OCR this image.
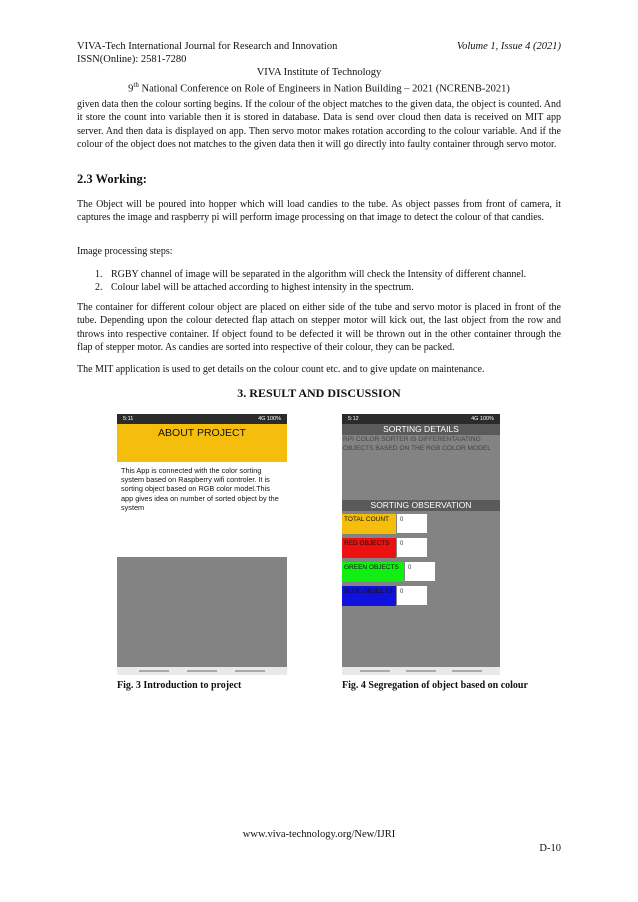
VIVA-Tech International Journal for Research and Innovation	Volume 1, Issue 4 (2021)
ISSN(Online): 2581-7280
VIVA Institute of Technology
9th National Conference on Role of Engineers in Nation Building – 2021 (NCRENB-2021)
given data then the colour sorting begins. If the colour of the object matches to the given data, the object is counted. And it store the count into variable then it is stored in database. Data is send over cloud then data is received on MIT app server. And then data is displayed on app. Then servo motor makes rotation according to the colour variable. And if the colour of the object does not matches to the given data then it will go directly into faulty container through servo motor.
2.3 Working:
The Object will be poured into hopper which will load candies to the tube. As object passes from front of camera, it captures the image and raspberry pi will perform image processing on that image to detect the colour of that candies.
Image processing steps:
1. RGBY channel of image will be separated in the algorithm will check the Intensity of different channel.
2. Colour label will be attached according to highest intensity in the spectrum.
The container for different colour object are placed on either side of the tube and servo motor is placed in front of the tube. Depending upon the colour detected flap attach on stepper motor will kick out, the last object from the row and throws into respective container. If object found to be defected it will be thrown out in the other container through the flap of stepper motor. As candies are sorted into respective of their colour, they can be packed.
The MIT application is used to get details on the colour count etc. and to give update on maintenance.
3. RESULT AND DISCUSSION
5:11	4G 100%
ABOUT PROJECT
This App is connected with the color sorting system based on Raspberry wifi controler. It is sorting object based on RGB color model.This app gives idea on number of sorted object by the system
Fig. 3 Introduction to project
5:12	4G 100%
SORTING DETAILS
RPI COLOR SORTER IS DIFFERENTAIATING OBJECTS BASED ON THE RGB COLOR MODEL
SORTING OBSERVATION
TOTAL COUNT	0
RED OBJECTS	0
GREEN OBJECTS	0
BLUE OBJECTS	0
Fig. 4 Segregation of object based on colour
www.viva-technology.org/New/IJRI
D-10
